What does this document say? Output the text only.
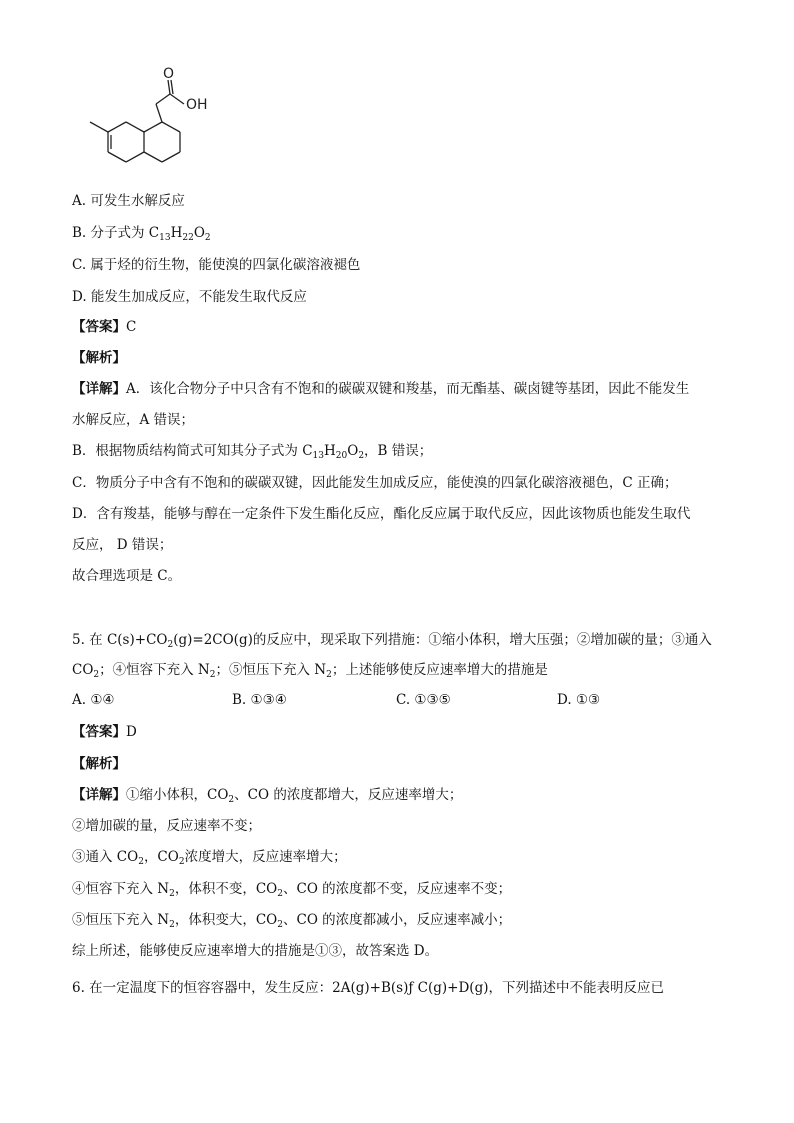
O
OH
A. 可发生水解反应
B. 分子式为 $C_{13}H_{22}O_2$
C. 属于烃的衍生物，能使溴的四氯化碳溶液褪色
D. 能发生加成反应，不能发生取代反应
【答案】C
【解析】
【详解】A．该化合物分子中只含有不饱和的碳碳双键和羧基，而无酯基、碳卤键等基团，因此不能发生
水解反应，A 错误；
B．根据物质结构简式可知其分子式为 $C_{13}H_{20}O_2$，B 错误；
C．物质分子中含有不饱和的碳碳双键，因此能发生加成反应，能使溴的四氯化碳溶液褪色，C 正确；
D．含有羧基，能够与醇在一定条件下发生酯化反应，酯化反应属于取代反应，因此该物质也能发生取代
反应， D 错误；
故合理选项是 C。
5. 在 $C(s)+CO_2(g)=2CO(g)$的反应中，现采取下列措施：①缩小体积，增大压强；②增加碳的量；③通入
$CO_2$；④恒容下充入 $N_2$；⑤恒压下充入 $N_2$；上述能够使反应速率增大的措施是
A. ①④	B. ①③④	C. ①③⑤	D. ①③
【答案】D
【解析】
【详解】①缩小体积，$CO_2$、CO 的浓度都增大，反应速率增大；
②增加碳的量，反应速率不变；
③通入 $CO_2$，$CO_2$浓度增大，反应速率增大；
④恒容下充入 $N_2$，体积不变，$CO_2$、CO 的浓度都不变，反应速率不变；
⑤恒压下充入 $N_2$，体积变大，$CO_2$、CO 的浓度都减小，反应速率减小；
综上所述，能够使反应速率增大的措施是①③，故答案选 D。
6. 在一定温度下的恒容容器中，发生反应：2A(g)+B(s)ƒ C(g)+D(g)，下列描述中不能表明反应已
